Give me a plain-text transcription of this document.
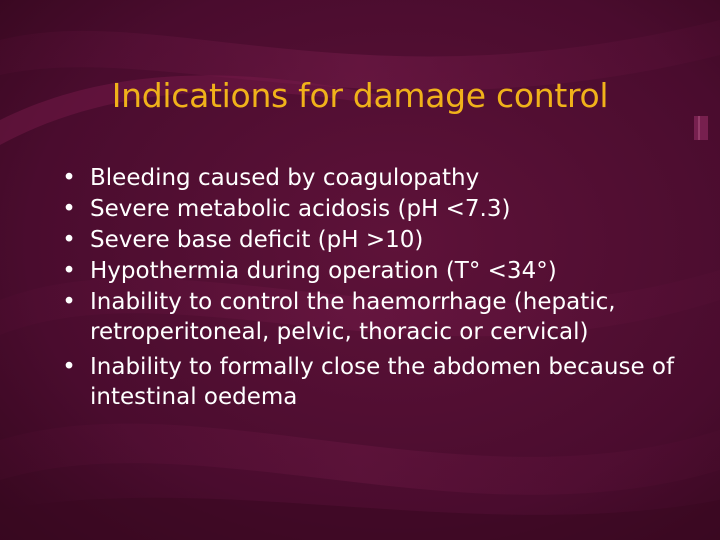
Indications for damage control
• Bleeding caused by coagulopathy
• Severe metabolic acidosis (pH <7.3)
• Severe base deficit (pH >10)
• Hypothermia during operation (T° <34°)
• Inability to control the haemorrhage (hepatic, retroperitoneal, pelvic, thoracic or cervical)
• Inability to formally close the abdomen because of intestinal oedema
